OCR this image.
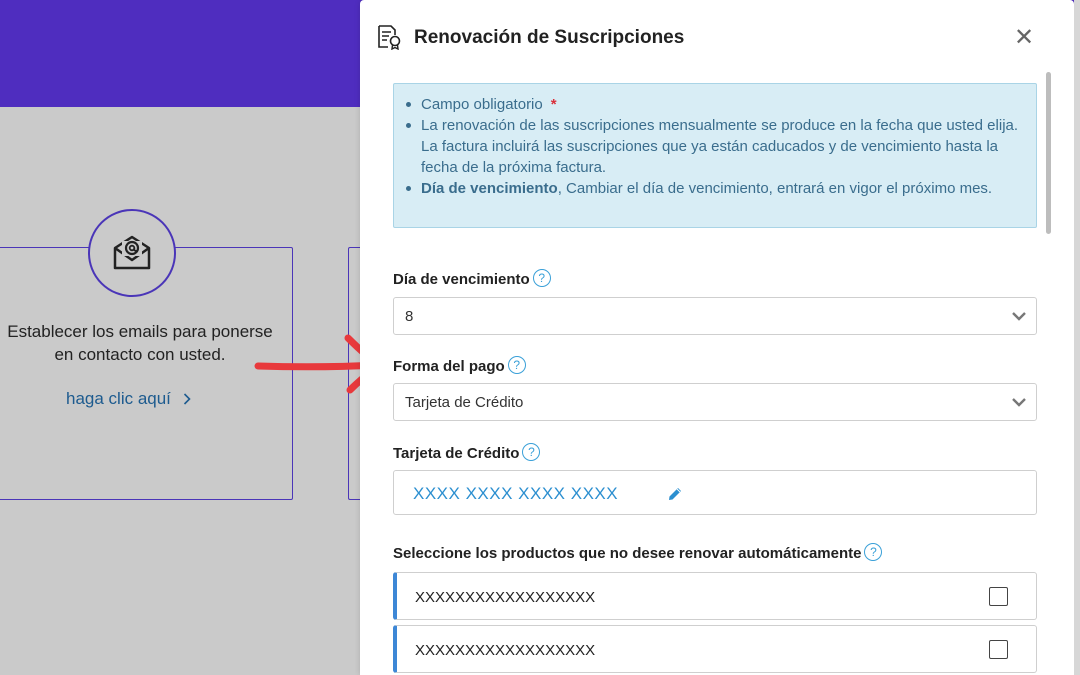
Establecer los emails para ponerse en contacto con usted.
haga clic aquí
Renovación de Suscripciones	✕
Campo obligatorio *
La renovación de las suscripciones mensualmente se produce en la fecha que usted elija. La factura incluirá las suscripciones que ya están caducados y de vencimiento hasta la fecha de la próxima factura.
Día de vencimiento, Cambiar el día de vencimiento, entrará en vigor el próximo mes.
Día de vencimiento ?
8
Forma del pago ?
Tarjeta de Crédito
Tarjeta de Crédito ?
XXXX XXXX XXXX XXXX
Seleccione los productos que no desee renovar automáticamente ?
XXXXXXXXXXXXXXXXXX
XXXXXXXXXXXXXXXXXX
